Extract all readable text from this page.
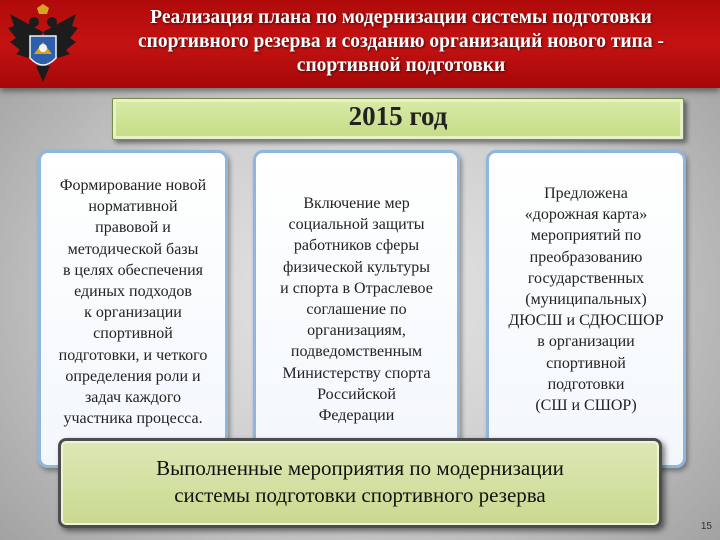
Реализация плана по модернизации системы подготовки
спортивного резерва и созданию организаций нового типа -
спортивной подготовки
2015 год
Формирование новой
нормативной
правовой и
методической базы
в целях обеспечения
единых подходов
к организации
спортивной
подготовки, и четкого
определения роли и
задач каждого
участника процесса.
Включение мер
социальной защиты
работников сферы
физической культуры
и спорта в Отраслевое
соглашение по
организациям,
подведомственным
Министерству спорта
Российской
Федерации
Предложена
«дорожная карта»
мероприятий по
преобразованию
государственных
(муниципальных)
ДЮСШ и СДЮСШОР
в организации
спортивной
подготовки
(СШ и СШОР)
Выполненные мероприятия по модернизации
системы подготовки спортивного резерва
15
